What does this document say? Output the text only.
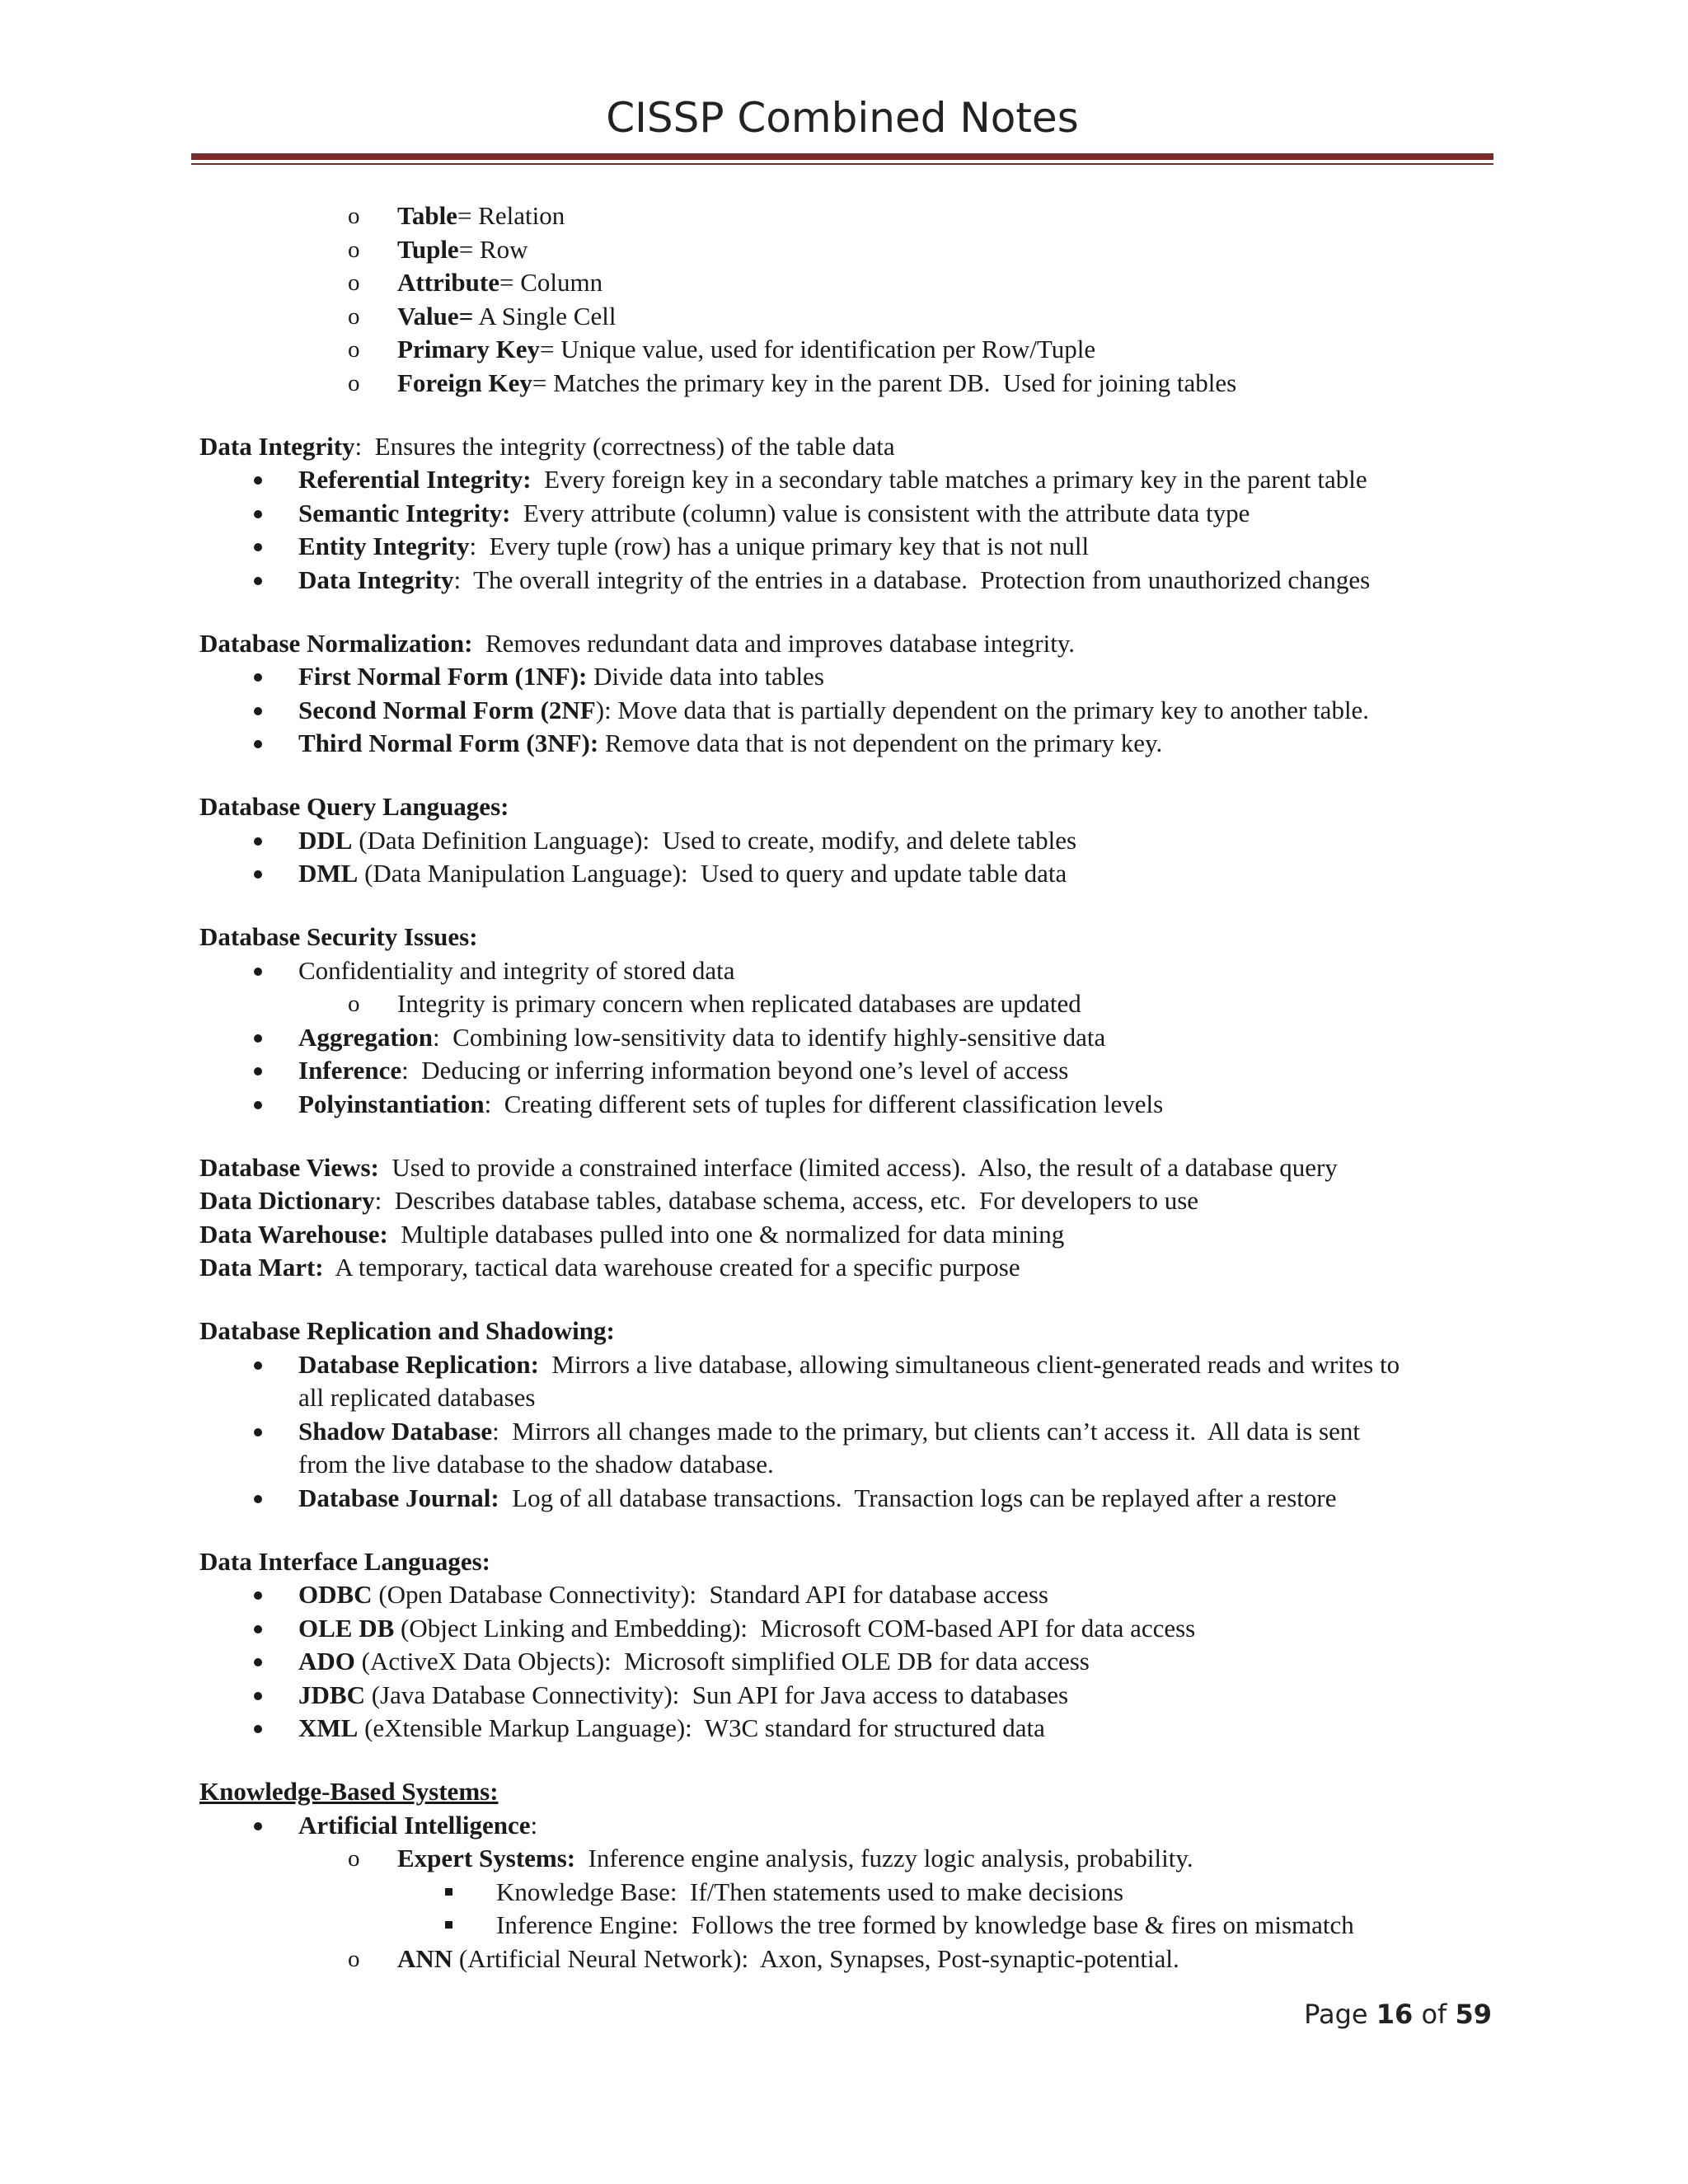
CISSP Combined Notes
o Table= Relation
o Tuple= Row
o Attribute= Column
o Value= A Single Cell
o Primary Key= Unique value, used for identification per Row/Tuple
o Foreign Key= Matches the primary key in the parent DB.  Used for joining tables
Data Integrity:  Ensures the integrity (correctness) of the table data
Referential Integrity:  Every foreign key in a secondary table matches a primary key in the parent table
Semantic Integrity:  Every attribute (column) value is consistent with the attribute data type
Entity Integrity:  Every tuple (row) has a unique primary key that is not null
Data Integrity:  The overall integrity of the entries in a database.  Protection from unauthorized changes
Database Normalization:  Removes redundant data and improves database integrity.
First Normal Form (1NF): Divide data into tables
Second Normal Form (2NF): Move data that is partially dependent on the primary key to another table.
Third Normal Form (3NF): Remove data that is not dependent on the primary key.
Database Query Languages:
DDL (Data Definition Language):  Used to create, modify, and delete tables
DML (Data Manipulation Language):  Used to query and update table data
Database Security Issues:
Confidentiality and integrity of stored data
o Integrity is primary concern when replicated databases are updated
Aggregation:  Combining low-sensitivity data to identify highly-sensitive data
Inference:  Deducing or inferring information beyond one’s level of access
Polyinstantiation:  Creating different sets of tuples for different classification levels
Database Views:  Used to provide a constrained interface (limited access).  Also, the result of a database query
Data Dictionary:  Describes database tables, database schema, access, etc.  For developers to use
Data Warehouse:  Multiple databases pulled into one & normalized for data mining
Data Mart:  A temporary, tactical data warehouse created for a specific purpose
Database Replication and Shadowing:
Database Replication:  Mirrors a live database, allowing simultaneous client-generated reads and writes to
all replicated databases
Shadow Database:  Mirrors all changes made to the primary, but clients can’t access it.  All data is sent
from the live database to the shadow database.
Database Journal:  Log of all database transactions.  Transaction logs can be replayed after a restore
Data Interface Languages:
ODBC (Open Database Connectivity):  Standard API for database access
OLE DB (Object Linking and Embedding):  Microsoft COM-based API for data access
ADO (ActiveX Data Objects):  Microsoft simplified OLE DB for data access
JDBC (Java Database Connectivity):  Sun API for Java access to databases
XML (eXtensible Markup Language):  W3C standard for structured data
Knowledge-Based Systems:
Artificial Intelligence:
o Expert Systems:  Inference engine analysis, fuzzy logic analysis, probability.
Knowledge Base:  If/Then statements used to make decisions
Inference Engine:  Follows the tree formed by knowledge base & fires on mismatch
o ANN (Artificial Neural Network):  Axon, Synapses, Post-synaptic-potential.
Page 16 of 59
